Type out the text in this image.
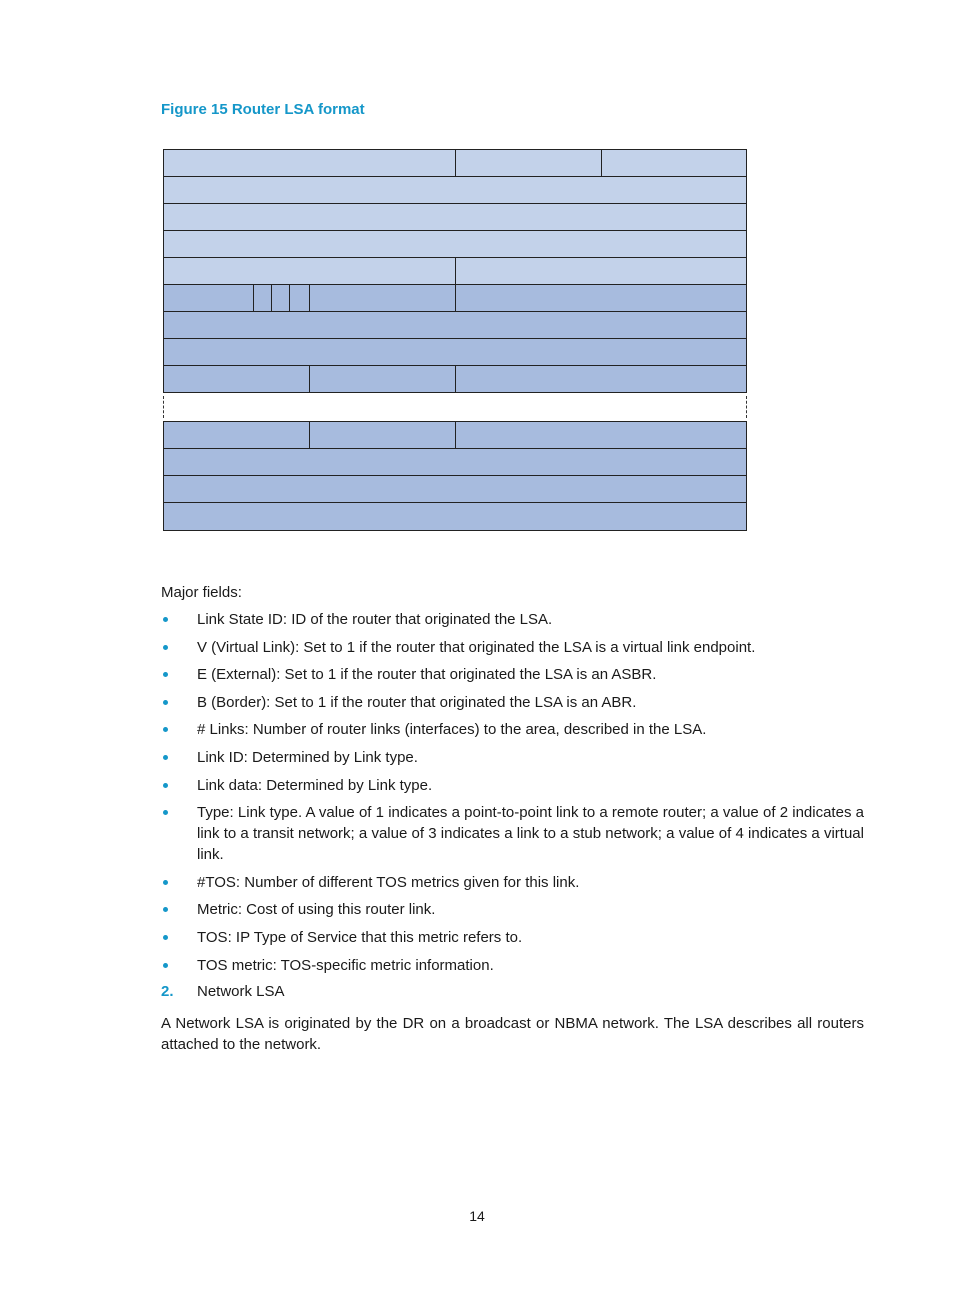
Figure 15 Router LSA format
Major fields:
Link State ID: ID of the router that originated the LSA.
V (Virtual Link): Set to 1 if the router that originated the LSA is a virtual link endpoint.
E (External): Set to 1 if the router that originated the LSA is an ASBR.
B (Border): Set to 1 if the router that originated the LSA is an ABR.
# Links: Number of router links (interfaces) to the area, described in the LSA.
Link ID: Determined by Link type.
Link data: Determined by Link type.
Type: Link type. A value of 1 indicates a point-to-point link to a remote router; a value of 2 indicates a link to a transit network; a value of 3 indicates a link to a stub network; a value of 4 indicates a virtual link.
#TOS: Number of different TOS metrics given for this link.
Metric: Cost of using this router link.
TOS: IP Type of Service that this metric refers to.
TOS metric: TOS-specific metric information.
2. Network LSA
A Network LSA is originated by the DR on a broadcast or NBMA network. The LSA describes all routers attached to the network.
14
